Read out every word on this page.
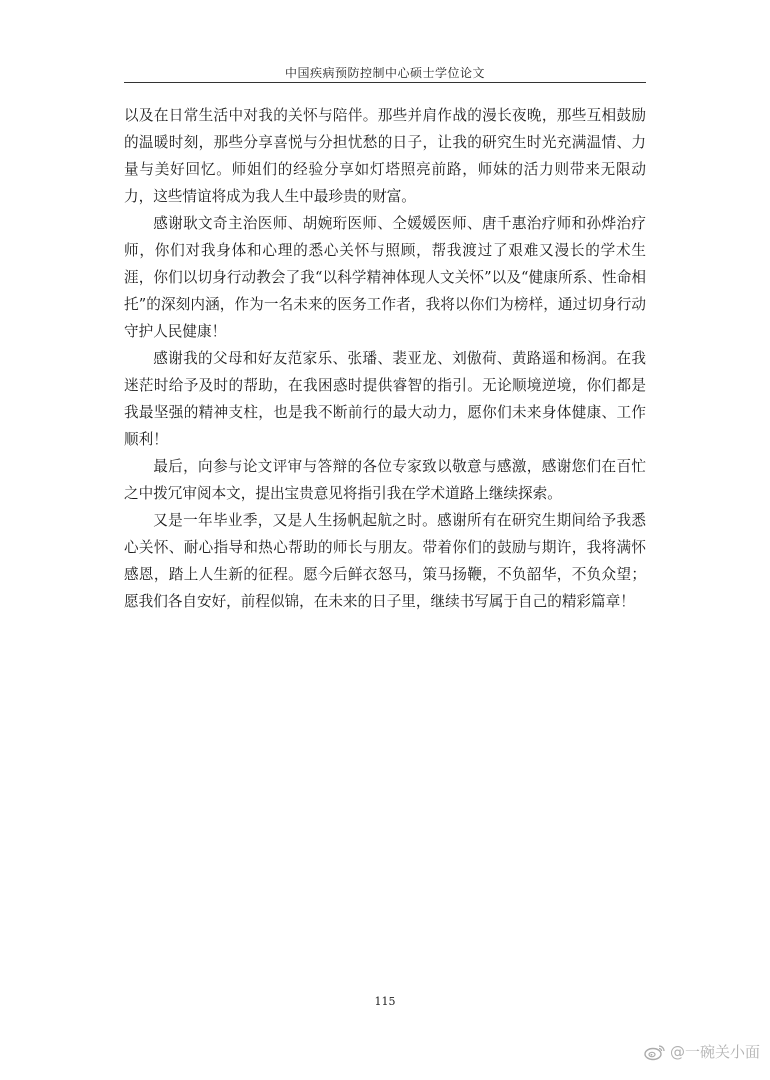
中国疾病预防控制中心硕士学位论文

以及在日常生活中对我的关怀与陪伴。那些并肩作战的漫长夜晚，那些互相鼓励的温暖时刻，那些分享喜悦与分担忧愁的日子，让我的研究生时光充满温情、力量与美好回忆。师姐们的经验分享如灯塔照亮前路，师妹的活力则带来无限动力，这些情谊将成为我人生中最珍贵的财富。

感谢耿文奇主治医师、胡婉珩医师、仝媛媛医师、唐千惠治疗师和孙烨治疗师，你们对我身体和心理的悉心关怀与照顾，帮我渡过了艰难又漫长的学术生涯，你们以切身行动教会了我“以科学精神体现人文关怀”以及“健康所系、性命相托”的深刻内涵，作为一名未来的医务工作者，我将以你们为榜样，通过切身行动守护人民健康！

感谢我的父母和好友范家乐、张璠、裴亚龙、刘傲荷、黄路遥和杨润。在我迷茫时给予及时的帮助，在我困惑时提供睿智的指引。无论顺境逆境，你们都是我最坚强的精神支柱，也是我不断前行的最大动力，愿你们未来身体健康、工作顺利！

最后，向参与论文评审与答辩的各位专家致以敬意与感激，感谢您们在百忙之中拨冗审阅本文，提出宝贵意见将指引我在学术道路上继续探索。

又是一年毕业季，又是人生扬帆起航之时。感谢所有在研究生期间给予我悉心关怀、耐心指导和热心帮助的师长与朋友。带着你们的鼓励与期许，我将满怀感恩，踏上人生新的征程。愿今后鲜衣怒马，策马扬鞭，不负韶华，不负众望；愿我们各自安好，前程似锦，在未来的日子里，继续书写属于自己的精彩篇章！

115
@一碗关小面
